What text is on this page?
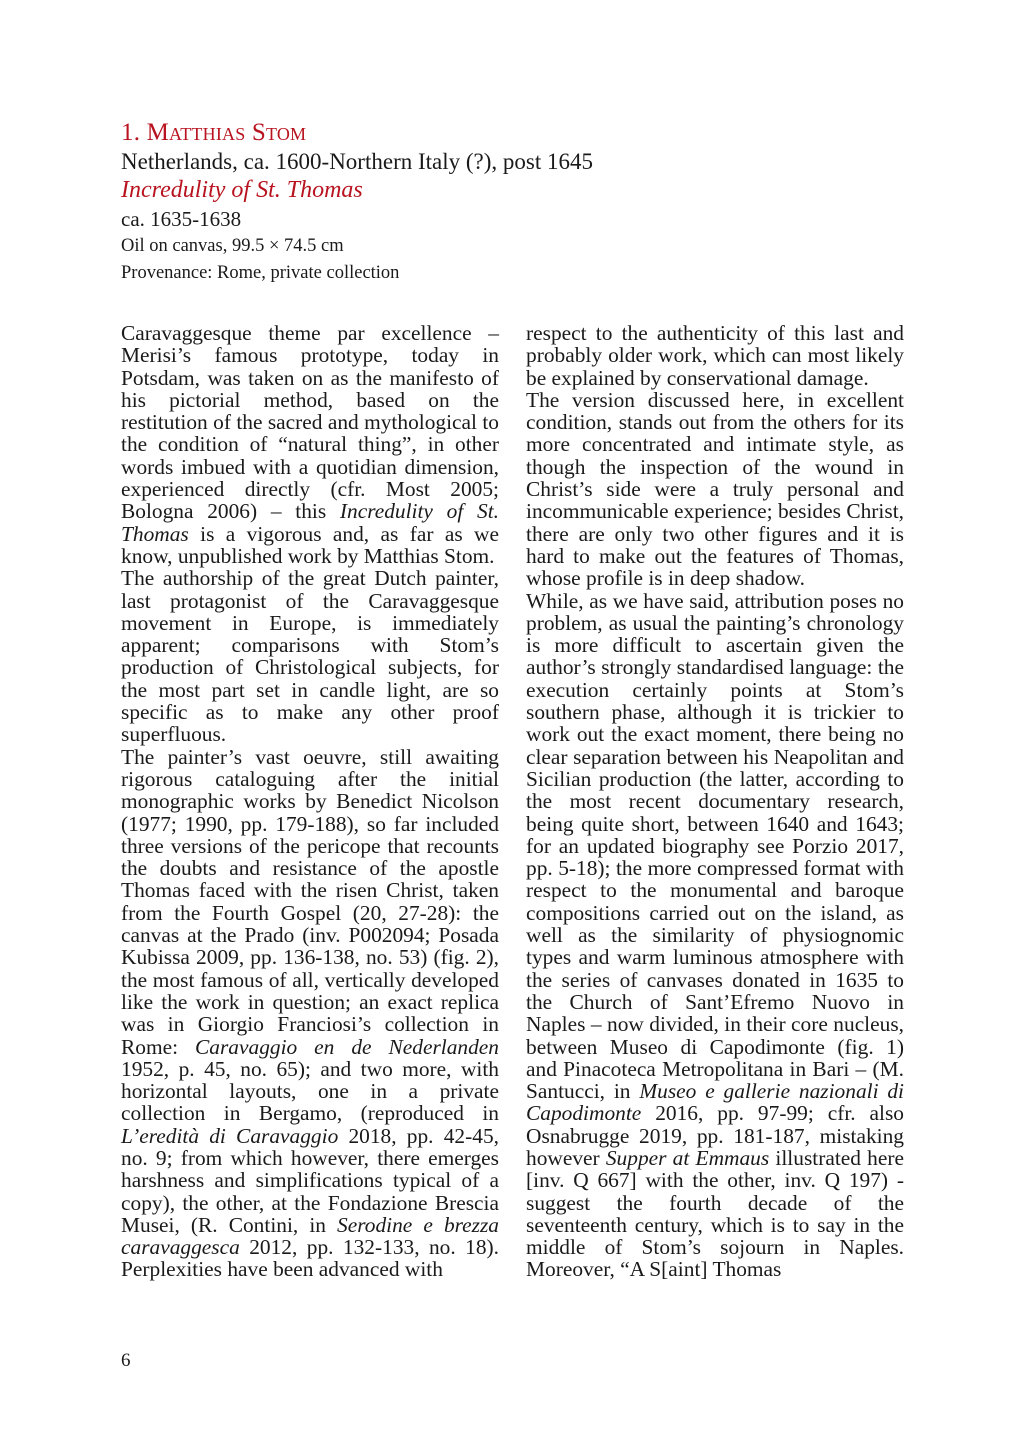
1. Matthias Stom
Netherlands, ca. 1600-Northern Italy (?), post 1645
Incredulity of St. Thomas
ca. 1635-1638
Oil on canvas, 99.5 × 74.5 cm
Provenance: Rome, private collection

Caravaggesque theme par excellence – Merisi’s famous prototype, today in Potsdam, was taken on as the manifesto of his pictorial method, based on the restitution of the sacred and mythological to the condition of “natural thing”, in other words imbued with a quotidian dimension, experienced directly (cfr. Most 2005; Bologna 2006) – this Incredulity of St. Thomas is a vigorous and, as far as we know, unpublished work by Matthias Stom.

The authorship of the great Dutch painter, last protagonist of the Caravaggesque movement in Europe, is immediately apparent; comparisons with Stom’s production of Christological subjects, for the most part set in candle light, are so specific as to make any other proof superfluous.

The painter’s vast oeuvre, still awaiting rigorous cataloguing after the initial monographic works by Benedict Nicolson (1977; 1990, pp. 179-188), so far included three versions of the pericope that recounts the doubts and resistance of the apostle Thomas faced with the risen Christ, taken from the Fourth Gospel (20, 27-28): the canvas at the Prado (inv. P002094; Posada Kubissa 2009, pp. 136-138, no. 53) (fig. 2), the most famous of all, vertically developed like the work in question; an exact replica was in Giorgio Franciosi’s collection in Rome: Caravaggio en de Nederlanden 1952, p. 45, no. 65); and two more, with horizontal layouts, one in a private collection in Bergamo, (reproduced in L’eredità di Caravaggio 2018, pp. 42-45, no. 9; from which however, there emerges harshness and simplifications typical of a copy), the other, at the Fondazione Brescia Musei, (R. Contini, in Serodine e brezza caravaggesca 2012, pp. 132-133, no. 18). Perplexities have been advanced with

respect to the authenticity of this last and probably older work, which can most likely be explained by conservational damage.

The version discussed here, in excellent condition, stands out from the others for its more concentrated and intimate style, as though the inspection of the wound in Christ’s side were a truly personal and incommunicable experience; besides Christ, there are only two other figures and it is hard to make out the features of Thomas, whose profile is in deep shadow.

While, as we have said, attribution poses no problem, as usual the painting’s chronology is more difficult to ascertain given the author’s strongly standardised language: the execution certainly points at Stom’s southern phase, although it is trickier to work out the exact moment, there being no clear separation between his Neapolitan and Sicilian production (the latter, according to the most recent documentary research, being quite short, between 1640 and 1643; for an updated biography see Porzio 2017, pp. 5-18); the more compressed format with respect to the monumental and baroque compositions carried out on the island, as well as the similarity of physiognomic types and warm luminous atmosphere with the series of canvases donated in 1635 to the Church of Sant’Efremo Nuovo in Naples – now divided, in their core nucleus, between Museo di Capodimonte (fig. 1) and Pinacoteca Metropolitana in Bari – (M. Santucci, in Museo e gallerie nazionali di Capodimonte 2016, pp. 97-99; cfr. also Osnabrugge 2019, pp. 181-187, mistaking however Supper at Emmaus illustrated here [inv. Q 667] with the other, inv. Q 197) - suggest the fourth decade of the seventeenth century, which is to say in the middle of Stom’s sojourn in Naples. Moreover, “A S[aint] Thomas

6
